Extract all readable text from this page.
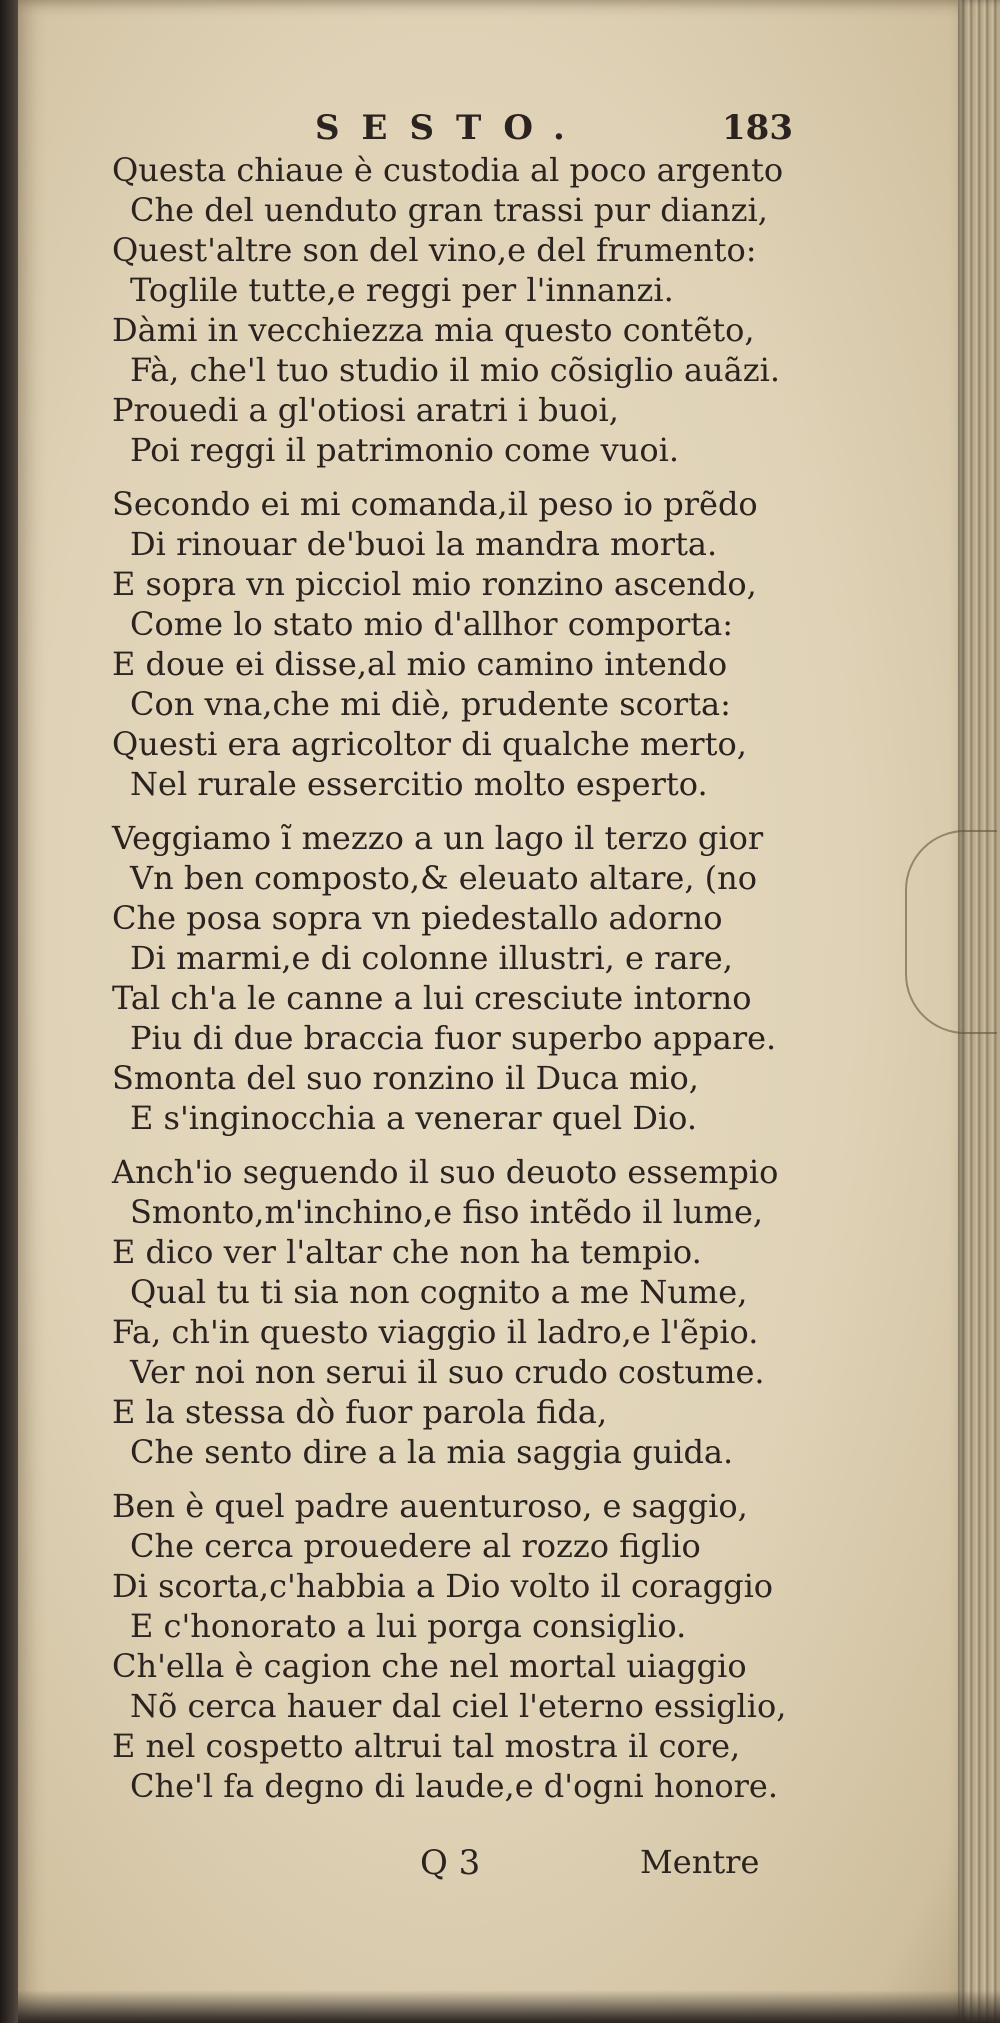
SESTO.	183
Questa chiaue è custodia al poco argento
Che del uenduto gran trassi pur dianzi,
Quest'altre son del vino,e del frumento:
Toglile tutte,e reggi per l'innanzi.
Dàmi in vecchiezza mia questo contẽto,
Fà, che'l tuo studio il mio cõsiglio auãzi.
Prouedi a gl'otiosi aratri i buoi,
Poi reggi il patrimonio come vuoi.
Secondo ei mi comanda,il peso io prẽdo
Di rinouar de'buoi la mandra morta.
E sopra vn picciol mio ronzino ascendo,
Come lo stato mio d'allhor comporta:
E doue ei disse,al mio camino intendo
Con vna,che mi diè, prudente scorta:
Questi era agricoltor di qualche merto,
Nel rurale essercitio molto esperto.
Veggiamo ĩ mezzo a un lago il terzo gior
Vn ben composto,& eleuato altare, (no
Che posa sopra vn piedestallo adorno
Di marmi,e di colonne illustri, e rare,
Tal ch'a le canne a lui cresciute intorno
Piu di due braccia fuor superbo appare.
Smonta del suo ronzino il Duca mio,
E s'inginocchia a venerar quel Dio.
Anch'io seguendo il suo deuoto essempio
Smonto,m'inchino,e fiso intẽdo il lume,
E dico ver l'altar che non ha tempio.
Qual tu ti sia non cognito a me Nume,
Fa, ch'in questo viaggio il ladro,e l'ẽpio.
Ver noi non serui il suo crudo costume.
E la stessa dò fuor parola fida,
Che sento dire a la mia saggia guida.
Ben è quel padre auenturoso, e saggio,
Che cerca prouedere al rozzo figlio
Di scorta,c'habbia a Dio volto il coraggio
E c'honorato a lui porga consiglio.
Ch'ella è cagion che nel mortal uiaggio
Nõ cerca hauer dal ciel l'eterno essiglio,
E nel cospetto altrui tal mostra il core,
Che'l fa degno di laude,e d'ogni honore.
Q 3	Mentre
